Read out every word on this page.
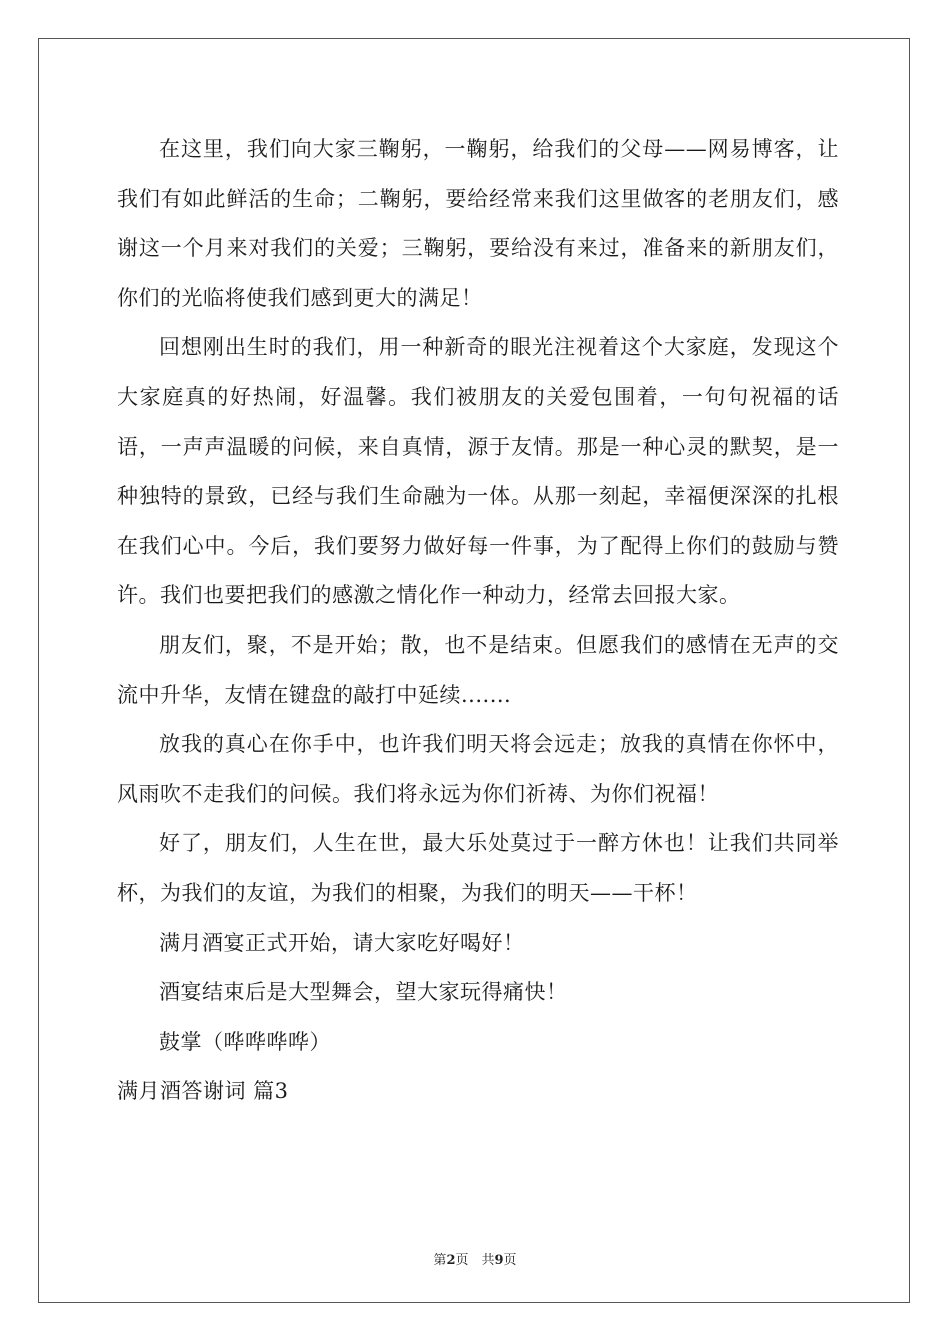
在这里，我们向大家三鞠躬，一鞠躬，给我们的父母——网易博客，让我们有如此鲜活的生命；二鞠躬，要给经常来我们这里做客的老朋友们，感谢这一个月来对我们的关爱；三鞠躬，要给没有来过，准备来的新朋友们，你们的光临将使我们感到更大的满足！

回想刚出生时的我们，用一种新奇的眼光注视着这个大家庭，发现这个大家庭真的好热闹，好温馨。我们被朋友的关爱包围着，一句句祝福的话语，一声声温暖的问候，来自真情，源于友情。那是一种心灵的默契，是一种独特的景致，已经与我们生命融为一体。从那一刻起，幸福便深深的扎根在我们心中。今后，我们要努力做好每一件事，为了配得上你们的鼓励与赞许。我们也要把我们的感激之情化作一种动力，经常去回报大家。

朋友们，聚，不是开始；散，也不是结束。但愿我们的感情在无声的交流中升华，友情在键盘的敲打中延续.......

放我的真心在你手中，也许我们明天将会远走；放我的真情在你怀中，风雨吹不走我们的问候。我们将永远为你们祈祷、为你们祝福！

好了，朋友们，人生在世，最大乐处莫过于一醉方休也！让我们共同举杯，为我们的友谊，为我们的相聚，为我们的明天——干杯！

满月酒宴正式开始，请大家吃好喝好！

酒宴结束后是大型舞会，望大家玩得痛快！

鼓掌（哗哗哗哗）

满月酒答谢词 篇3

第2页　共9页
